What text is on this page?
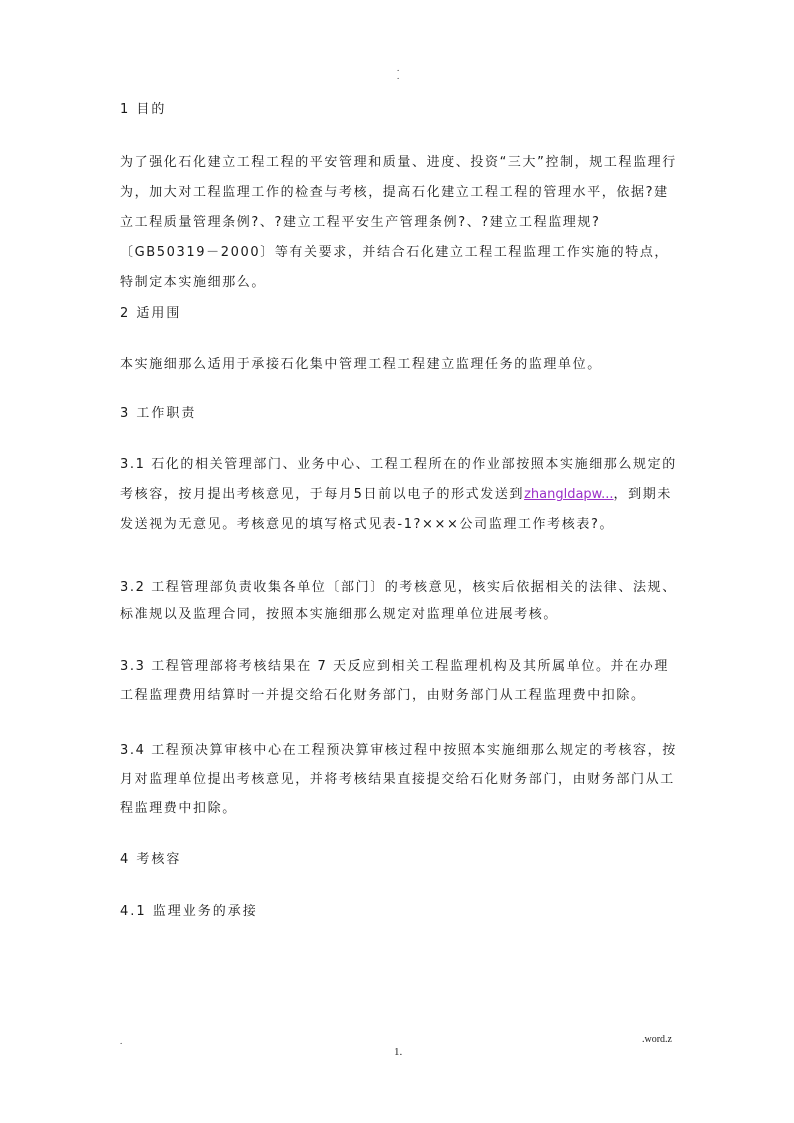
.
.

1 目的

为了强化石化建立工程工程的平安管理和质量、进度、投资“三大”控制，规工程监理行为，加大对工程监理工作的检查与考核，提高石化建立工程工程的管理水平，依据?建立工程质量管理条例?、?建立工程平安生产管理条例?、?建立工程监理规?〔GB50319－2000〕等有关要求，并结合石化建立工程工程监理工作实施的特点，特制定本实施细那么。

2 适用围

本实施细那么适用于承接石化集中管理工程工程建立监理任务的监理单位。

3 工作职责

3.1 石化的相关管理部门、业务中心、工程工程所在的作业部按照本实施细那么规定的考核容，按月提出考核意见，于每月5日前以电子的形式发送到zhangldapw...，到期未发送视为无意见。考核意见的填写格式见表-1?×××公司监理工作考核表?。

3.2 工程管理部负责收集各单位〔部门〕的考核意见，核实后依据相关的法律、法规、标准规以及监理合同，按照本实施细那么规定对监理单位进展考核。

3.3 工程管理部将考核结果在 7 天反应到相关工程监理机构及其所属单位。并在办理工程监理费用结算时一并提交给石化财务部门，由财务部门从工程监理费中扣除。

3.4 工程预决算审核中心在工程预决算审核过程中按照本实施细那么规定的考核容，按月对监理单位提出考核意见，并将考核结果直接提交给石化财务部门，由财务部门从工程监理费中扣除。

4 考核容

4.1 监理业务的承接

.	.word.z
1.
